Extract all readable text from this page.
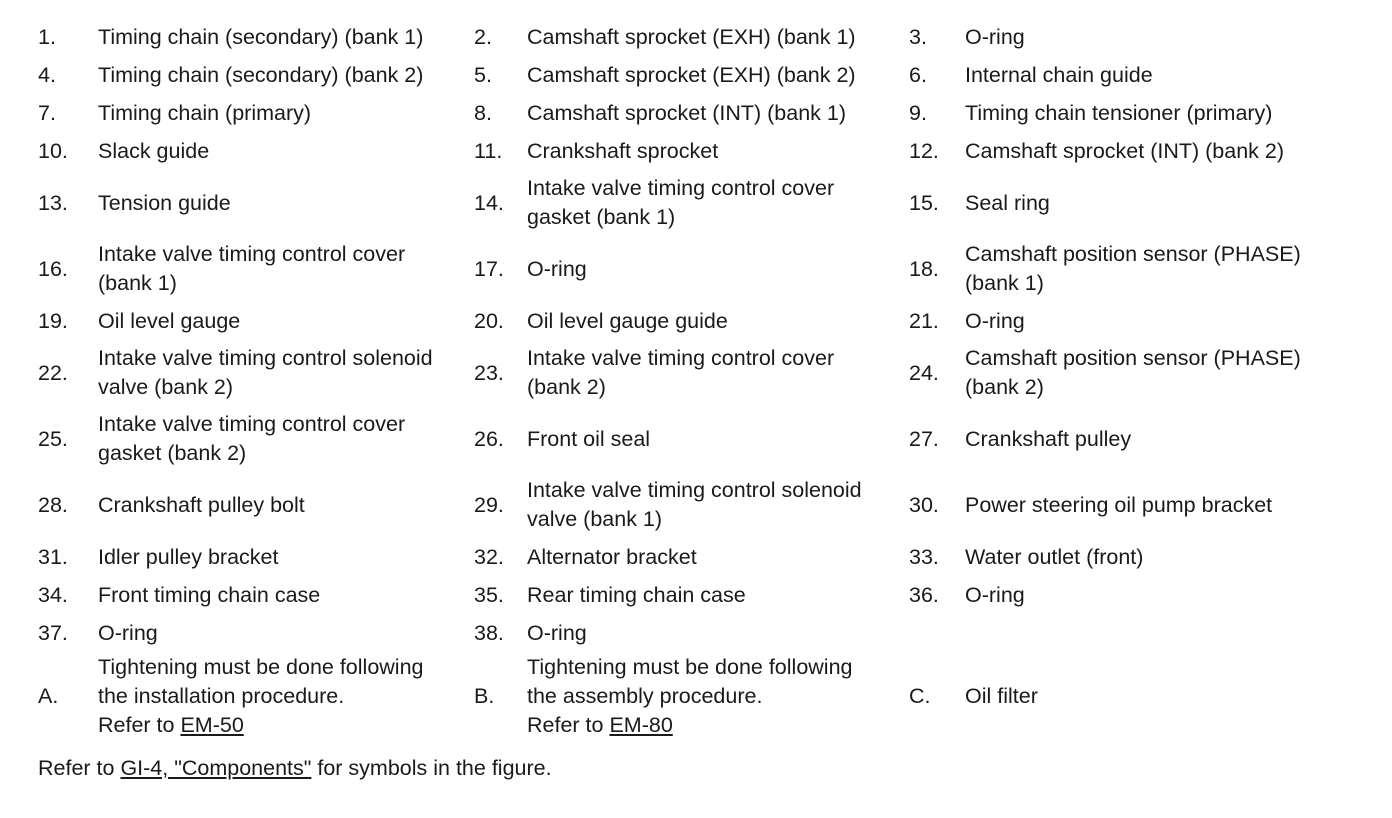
1.	Timing chain (secondary) (bank 1)	2.	Camshaft sprocket (EXH) (bank 1)	3.	O-ring

4.	Timing chain (secondary) (bank 2)	5.	Camshaft sprocket (EXH) (bank 2)	6.	Internal chain guide

7.	Timing chain (primary)	8.	Camshaft sprocket (INT) (bank 1)	9.	Timing chain tensioner (primary)

10.	Slack guide	11.	Crankshaft sprocket	12.	Camshaft sprocket (INT) (bank 2)

13.	Tension guide	14.	Intake valve timing control cover
gasket (bank 1)	15.	Seal ring

16.	Intake valve timing control cover
(bank 1)	17.	O-ring	18.	Camshaft position sensor (PHASE)
(bank 1)

19.	Oil level gauge	20.	Oil level gauge guide	21.	O-ring

22.	Intake valve timing control solenoid
valve (bank 2)	23.	Intake valve timing control cover
(bank 2)	24.	Camshaft position sensor (PHASE)
(bank 2)

25.	Intake valve timing control cover
gasket (bank 2)	26.	Front oil seal	27.	Crankshaft pulley

28.	Crankshaft pulley bolt	29.	Intake valve timing control solenoid
valve (bank 1)	30.	Power steering oil pump bracket

31.	Idler pulley bracket	32.	Alternator bracket	33.	Water outlet (front)

34.	Front timing chain case	35.	Rear timing chain case	36.	O-ring

37.	O-ring	38.	O-ring		

A.	Tightening must be done following
the installation procedure.
Refer to EM-50	B.	Tightening must be done following
the assembly procedure.
Refer to EM-80	C.	Oil filter
Refer to GI-4, "Components" for symbols in the figure.
